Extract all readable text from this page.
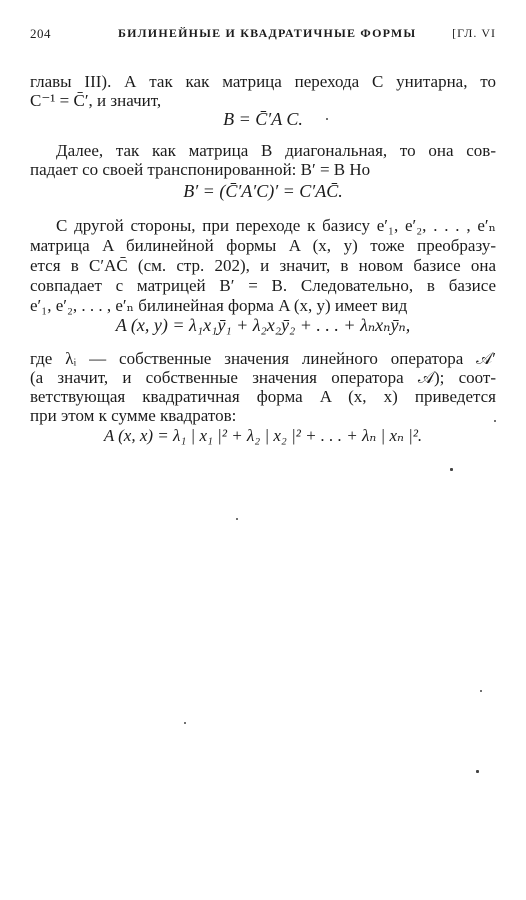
204	БИЛИНЕЙНЫЕ И КВАДРАТИЧНЫЕ ФОРМЫ	[ГЛ. VI
главы III). А так как матрица перехода C унитарна, то
C⁻¹ = C̄′, и значит,
B = C̄′A C.
Далее, так как матрица B диагональная, то она сов-
падает со своей транспонированной: B′ = B Но
B′ = (C̄′A′C)′ = C′AC̄.
С другой стороны, при переходе к базису e′₁, e′₂, . . . , e′ₙ
матрица A билинейной формы A (x, y) тоже преобразу-
ется в C′AC̄ (см. стр. 202), и значит, в новом базисе она
совпадает с матрицей B′ = B. Следовательно, в базисе
e′₁, e′₂, . . . , e′ₙ билинейная форма A (x, y) имеет вид
A (x, y) = λ₁x₁ȳ₁ + λ₂x₂ȳ₂ + . . . + λₙxₙȳₙ,
где λᵢ — собственные значения линейного оператора 𝒜′
(а значит, и собственные значения оператора 𝒜); соот-
ветствующая квадратичная форма A (x, x) приведется
при этом к сумме квадратов:
A (x, x) = λ₁ | x₁ |² + λ₂ | x₂ |² + . . . + λₙ | xₙ |².
